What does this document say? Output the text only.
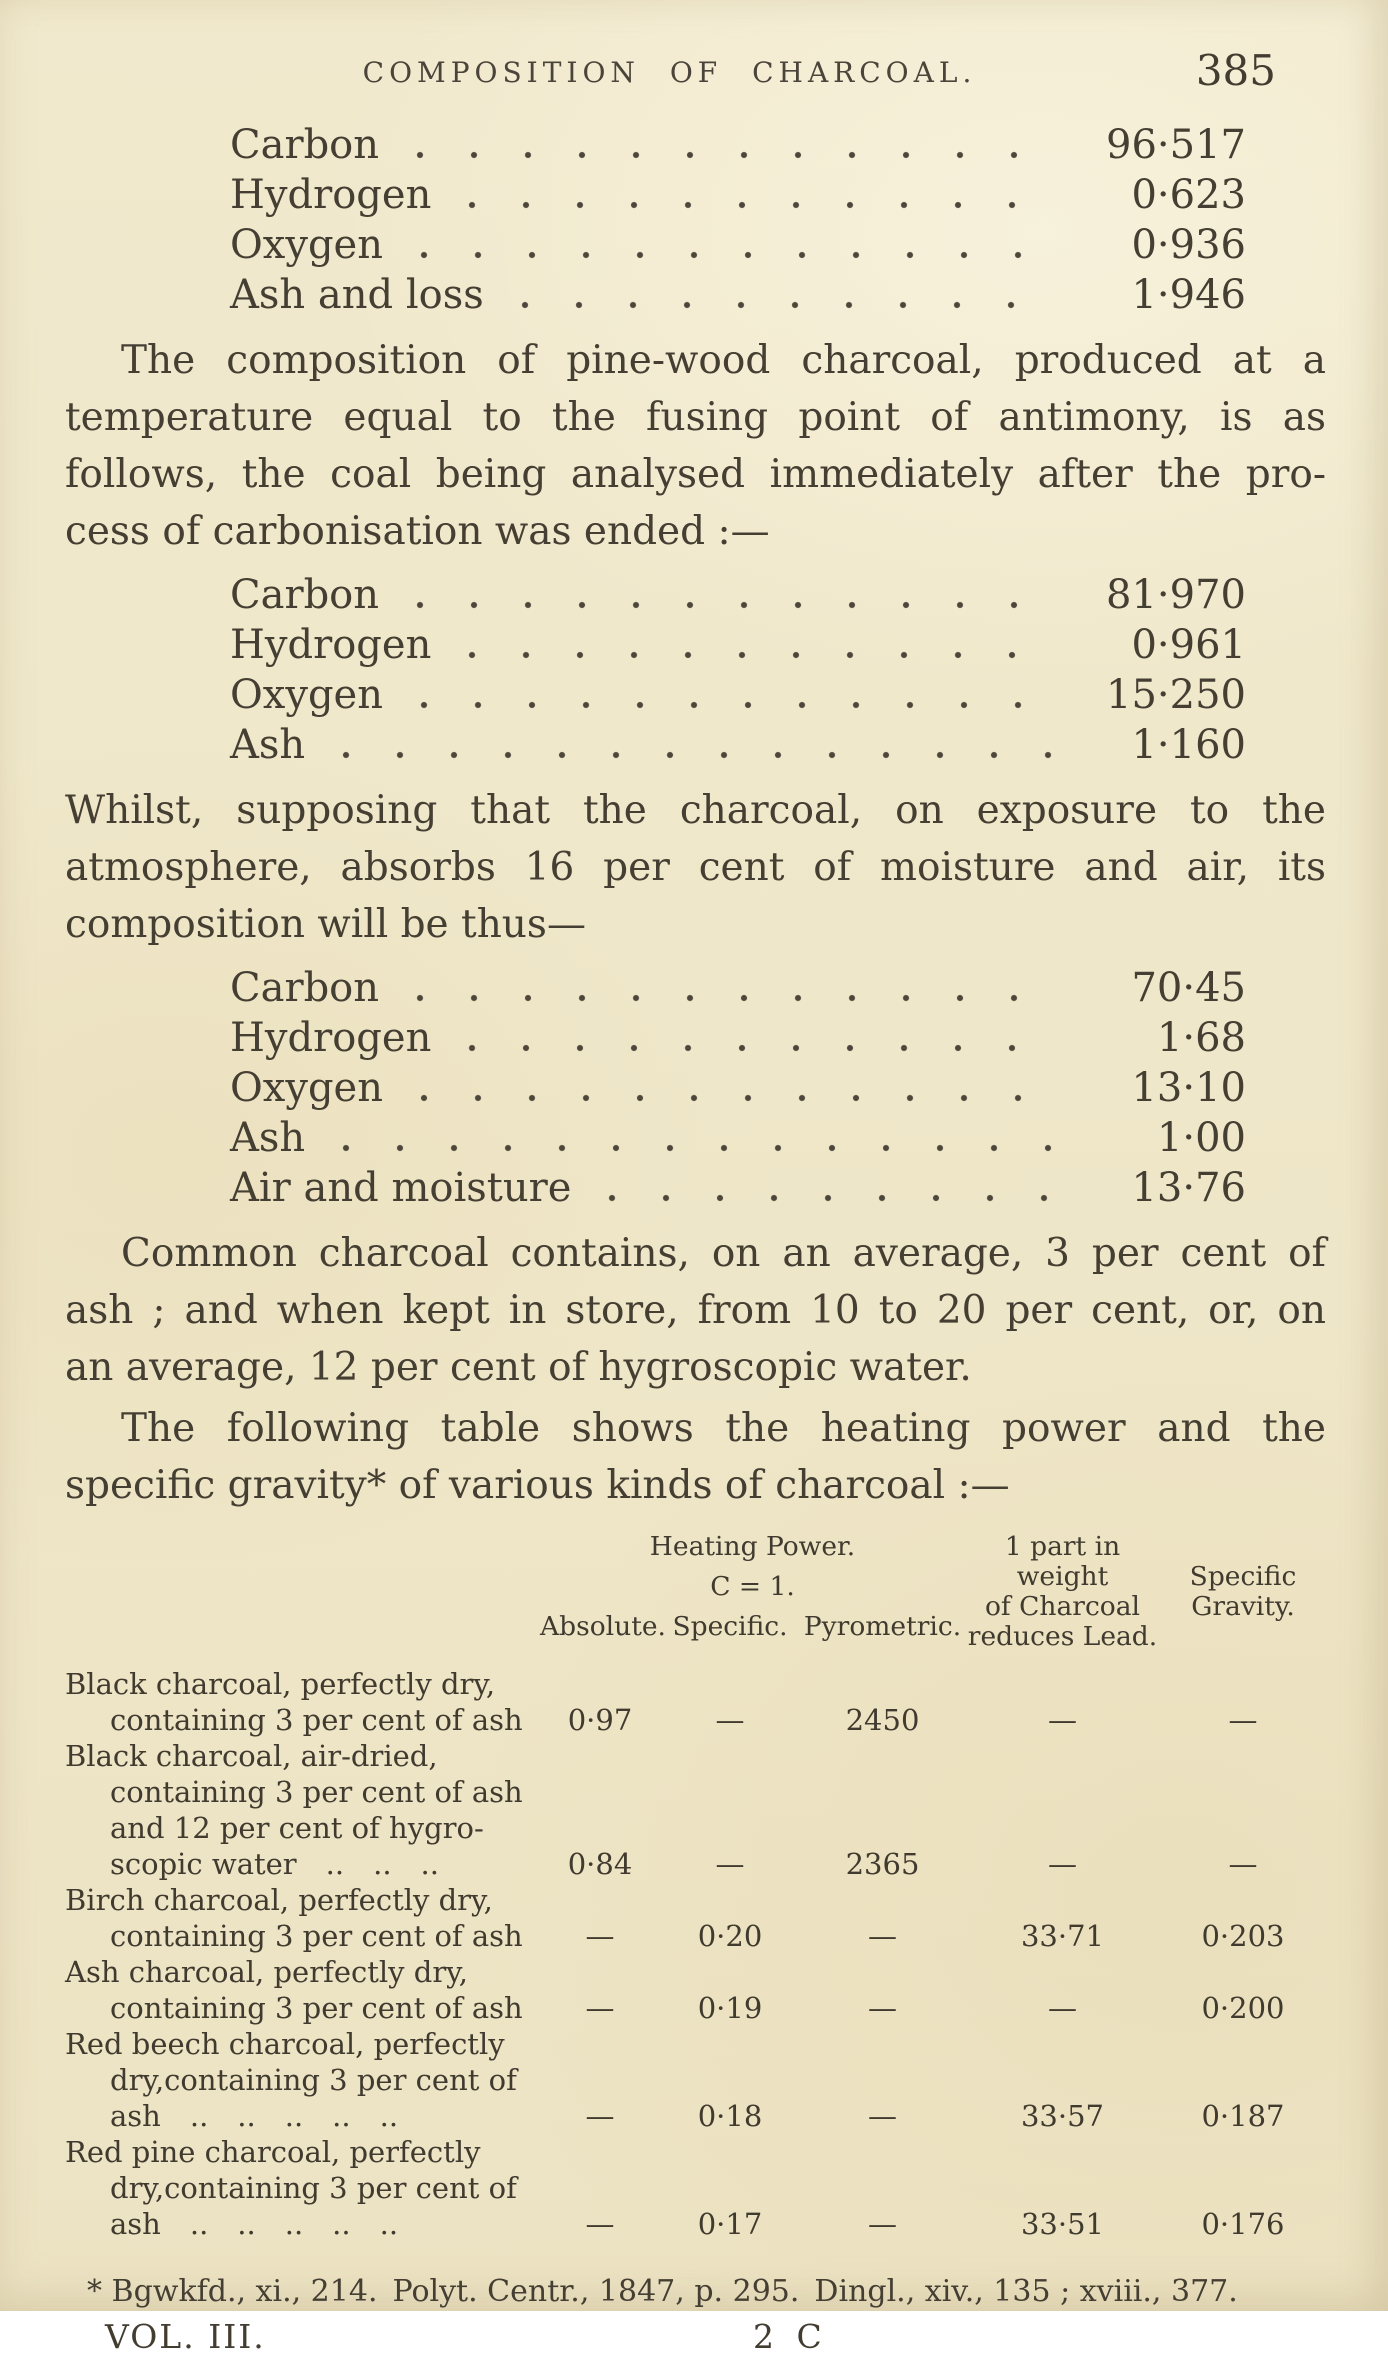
COMPOSITION OF CHARCOAL.	385
Carbon	96·517
Hydrogen	0·623
Oxygen	0·936
Ash and loss	1·946
The composition of pine-wood charcoal, produced at a
temperature equal to the fusing point of antimony, is as
follows, the coal being analysed immediately after the pro-
cess of carbonisation was ended :—
Carbon	81·970
Hydrogen	0·961
Oxygen	15·250
Ash	1·160
Whilst, supposing that the charcoal, on exposure to the
atmosphere, absorbs 16 per cent of moisture and air, its
composition will be thus—
Carbon	70·45
Hydrogen	1·68
Oxygen	13·10
Ash	1·00
Air and moisture	13·76
Common charcoal contains, on an average, 3 per cent of
ash ; and when kept in store, from 10 to 20 per cent, or, on
an average, 12 per cent of hygroscopic water.
The following table shows the heating power and the
specific gravity* of various kinds of charcoal :—
Heating Power.
C = 1.
Absolute. Specific. Pyrometric.
1 part in weight
of Charcoal
reduces Lead.
Specific
Gravity.
Black charcoal, perfectly dry,
containing 3 per cent of ash	0·97	—	2450	—	—
Black charcoal, air-dried,
containing 3 per cent of ash
and 12 per cent of hygro-
scopic water  ..  ..  ..	0·84	—	2365	—	—
Birch charcoal, perfectly dry,
containing 3 per cent of ash	—	0·20	—	33·71	0·203
Ash charcoal, perfectly dry,
containing 3 per cent of ash	—	0·19	—	—	0·200
Red beech charcoal, perfectly
dry,containing 3 per cent of
ash  ..  ..  ..  ..  ..	—	0·18	—	33·57	0·187
Red pine charcoal, perfectly
dry,containing 3 per cent of
ash  ..  ..  ..  ..  ..	—	0·17	—	33·51	0·176
* Bgwkfd., xi., 214. Polyt. Centr., 1847, p. 295. Dingl., xiv., 135 ; xviii., 377.
VOL. III.	2 C
